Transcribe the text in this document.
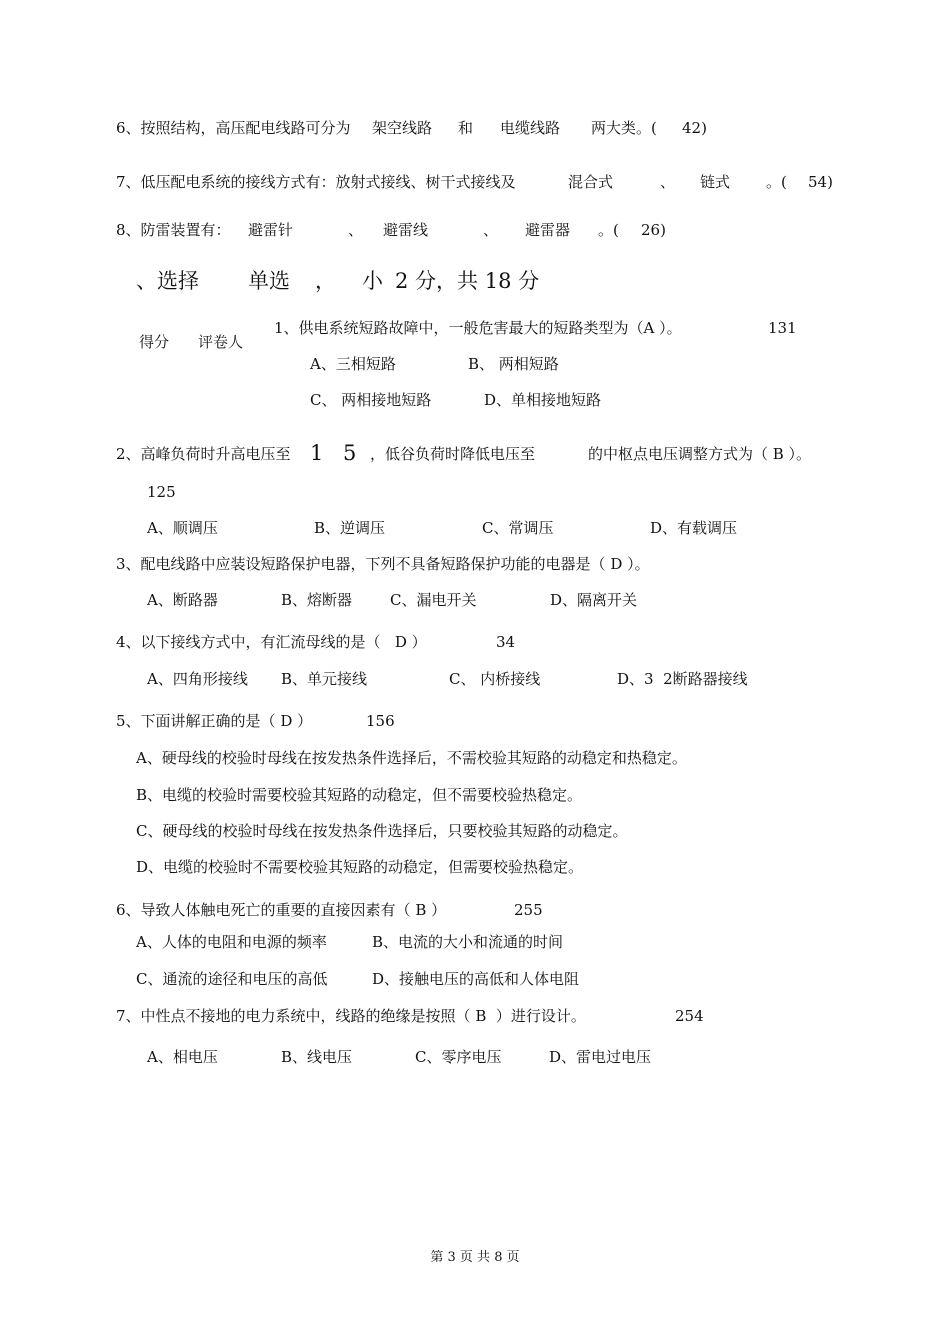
6、按照结构，高压配电线路可分为 架空线路 和 电缆线路 两大类。( 42)
7、低压配电系统的接线方式有：放射式接线、树干式接线及	混合式	、 链式 。( 54)
8、防雷装置有： 避雷针	、 避雷线	、 避雷器 。( 26)
、选择 单选 ， 小 2 分，共 18 分
得分 评卷人
1、供电系统短路故障中，一般危害最大的短路类型为（A ）。	131
A、三相短路	B、 两相短路
C、 两相接地短路	D、单相接地短路
2、高峰负荷时升高电压至 1 5 ，低谷负荷时降低电压至	的中枢点电压调整方式为（ B ）。
125
A、顺调压	B、逆调压	C、常调压	D、有载调压
3、配电线路中应装设短路保护电器，下列不具备短路保护功能的电器是（ D ）。
A、断路器	B、熔断器	C、漏电开关	D、隔离开关
4、以下接线方式中，有汇流母线的是（   D ）	34
A、四角形接线 B、单元接线	C、 内桥接线	D、3  2断路器接线
5、下面讲解正确的是（ D ）	156
A、硬母线的校验时母线在按发热条件选择后，不需校验其短路的动稳定和热稳定。
B、电缆的校验时需要校验其短路的动稳定，但不需要校验热稳定。
C、硬母线的校验时母线在按发热条件选择后，只要校验其短路的动稳定。
D、电缆的校验时不需要校验其短路的动稳定，但需要校验热稳定。
6、导致人体触电死亡的重要的直接因素有（ B ）	255
A、人体的电阻和电源的频率	B、电流的大小和流通的时间
C、通流的途径和电压的高低	D、接触电压的高低和人体电阻
7、中性点不接地的电力系统中，线路的绝缘是按照（ B  ）进行设计。	254
A、相电压	B、线电压	C、零序电压	D、雷电过电压
第 3 页 共 8 页
